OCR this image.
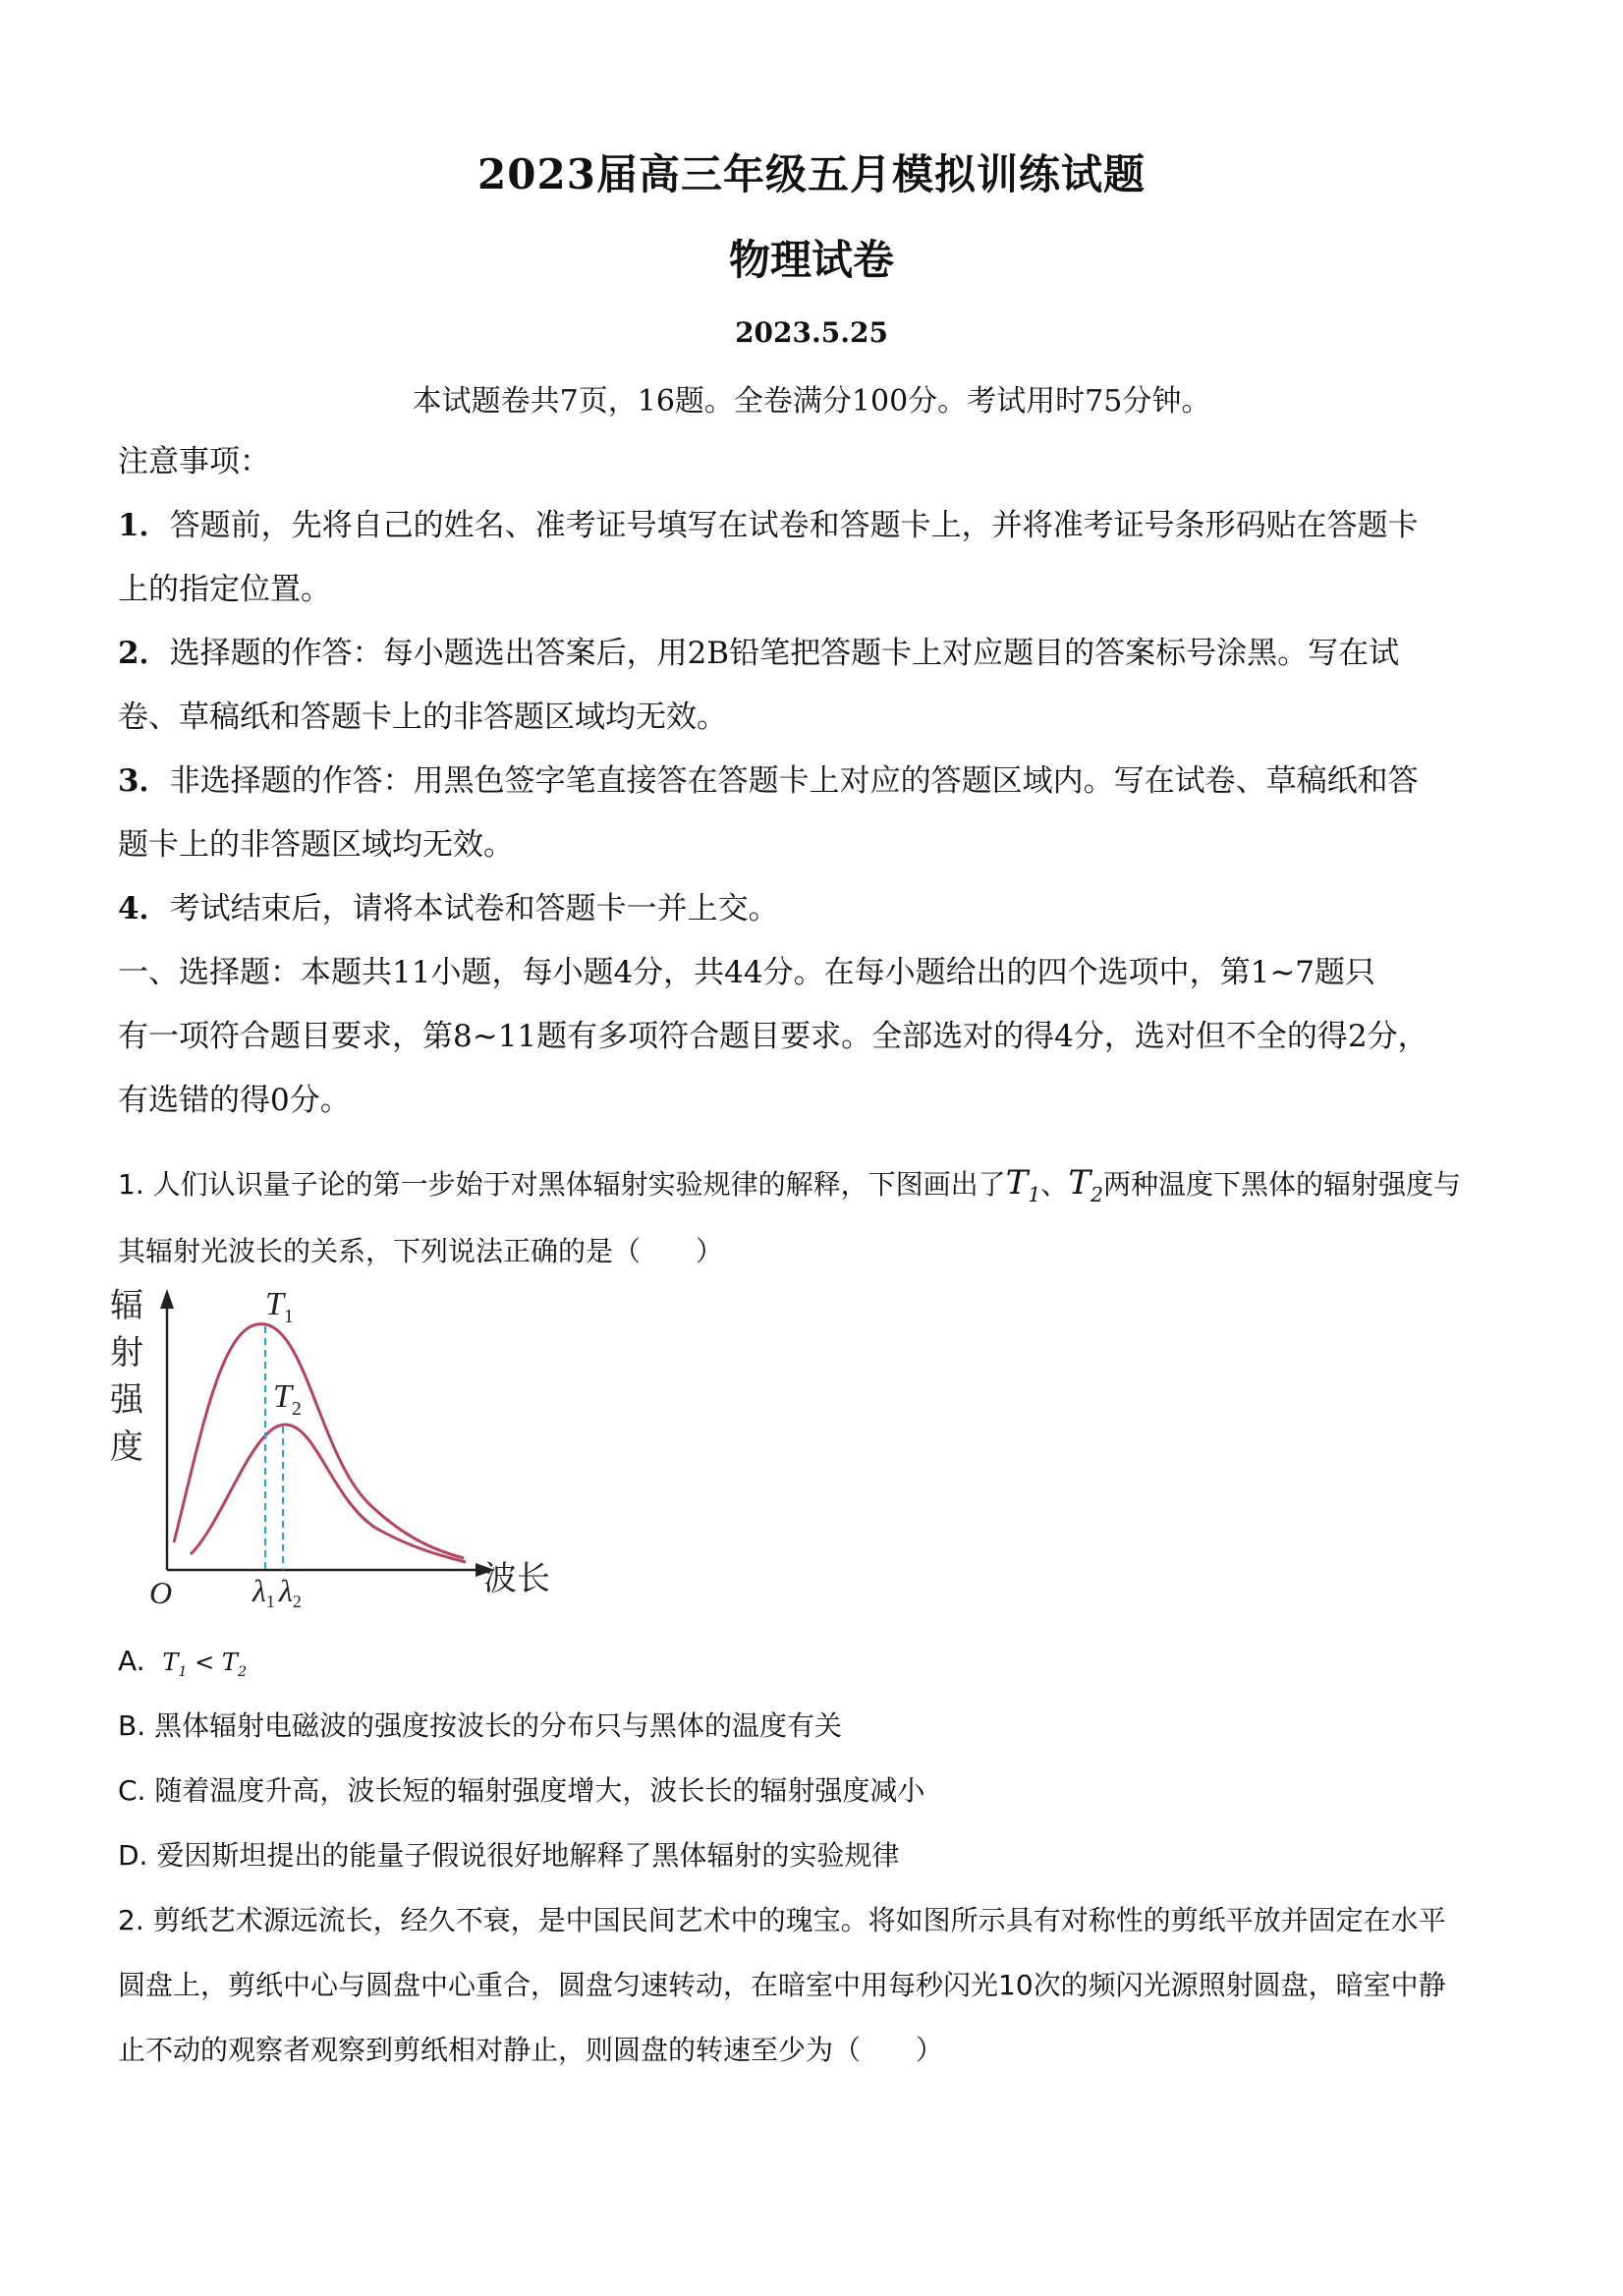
2023届高三年级五月模拟训练试题
物理试卷
2023.5.25
本试题卷共7页，16题。全卷满分100分。考试用时75分钟。
注意事项：
1．答题前，先将自己的姓名、准考证号填写在试卷和答题卡上，并将准考证号条形码贴在答题卡
上的指定位置。
2．选择题的作答：每小题选出答案后，用2B铅笔把答题卡上对应题目的答案标号涂黑。写在试
卷、草稿纸和答题卡上的非答题区域均无效。
3．非选择题的作答：用黑色签字笔直接答在答题卡上对应的答题区域内。写在试卷、草稿纸和答
题卡上的非答题区域均无效。
4．考试结束后，请将本试卷和答题卡一并上交。
一、选择题：本题共11小题，每小题4分，共44分。在每小题给出的四个选项中，第1~7题只
有一项符合题目要求，第8~11题有多项符合题目要求。全部选对的得4分，选对但不全的得2分，
有选错的得0分。
1. 人们认识量子论的第一步始于对黑体辐射实验规律的解释，下图画出了$T_1$、$T_2$两种温度下黑体的辐射强度与
其辐射光波长的关系，下列说法正确的是（　　）
辐
射
强
度
波长
O
$T_1$
$T_2$
λ1 λ2
A. $T_1 < T_2$
B. 黑体辐射电磁波的强度按波长的分布只与黑体的温度有关
C. 随着温度升高，波长短的辐射强度增大，波长长的辐射强度减小
D. 爱因斯坦提出的能量子假说很好地解释了黑体辐射的实验规律
2. 剪纸艺术源远流长，经久不衰，是中国民间艺术中的瑰宝。将如图所示具有对称性的剪纸平放并固定在水平
圆盘上，剪纸中心与圆盘中心重合，圆盘匀速转动，在暗室中用每秒闪光10次的频闪光源照射圆盘，暗室中静
止不动的观察者观察到剪纸相对静止，则圆盘的转速至少为（　　）
